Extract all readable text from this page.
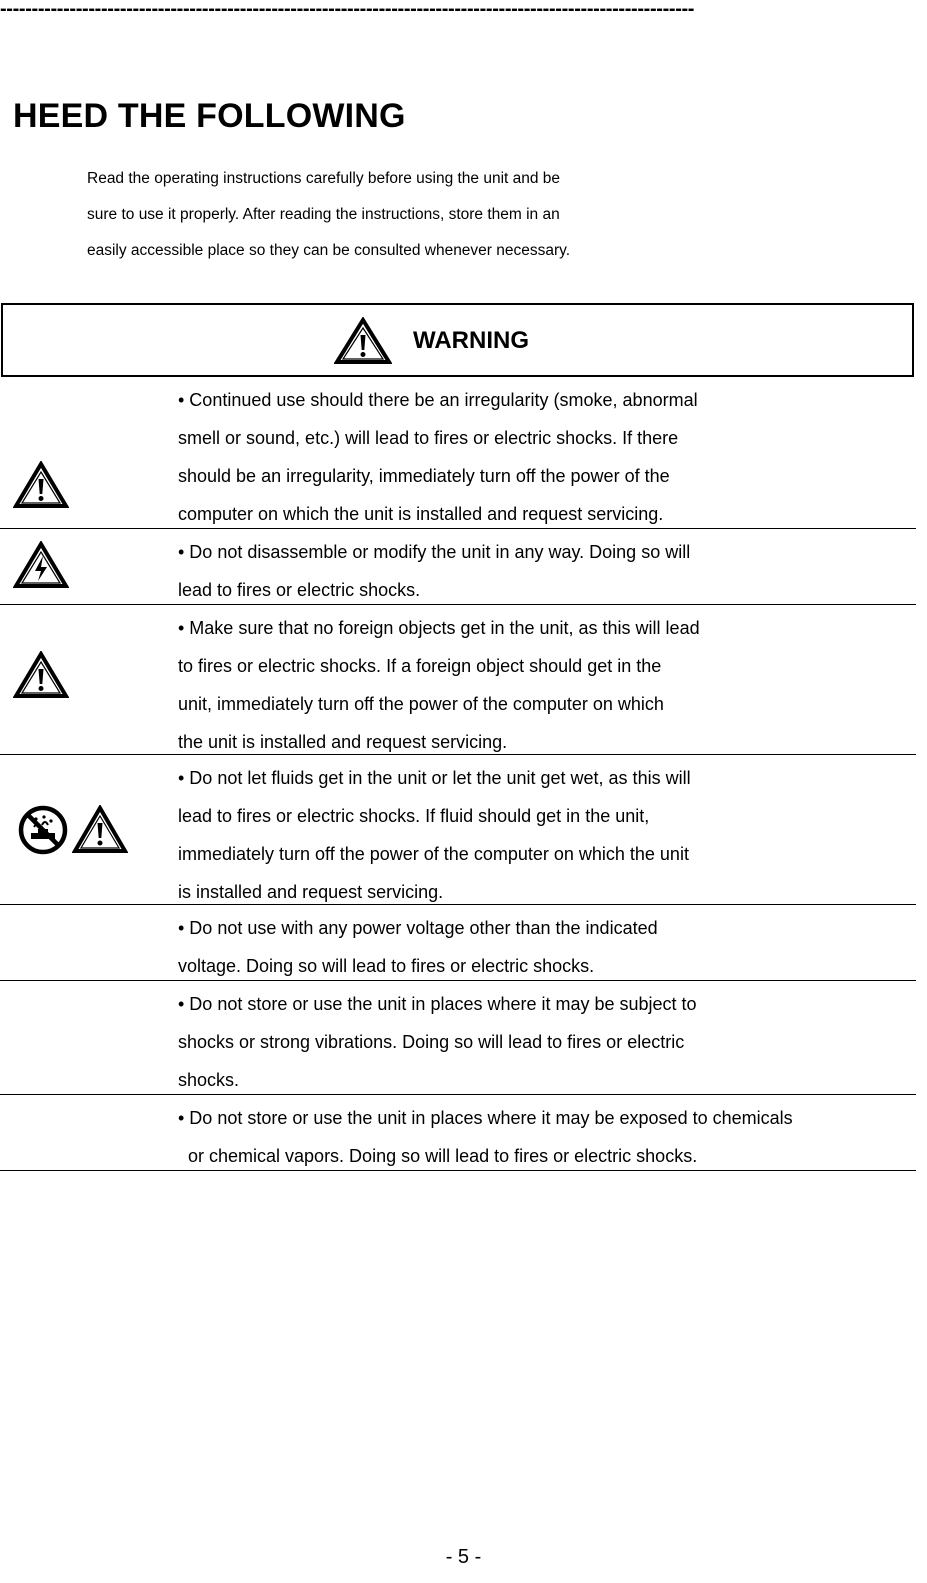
--------------------------------------------------------------------------------------------------------------
HEED THE FOLLOWING
Read the operating instructions carefully before using the unit and be
sure to use it properly. After reading the instructions, store them in an
easily accessible place so they can be consulted whenever necessary.
WARNING
• Continued use should there be an irregularity (smoke, abnormal
smell or sound, etc.) will lead to fires or electric shocks. If there
should be an irregularity, immediately turn off the power of the
computer on which the unit is installed and request servicing.
• Do not disassemble or modify the unit in any way. Doing so will
lead to fires or electric shocks.
• Make sure that no foreign objects get in the unit, as this will lead
to fires or electric shocks. If a foreign object should get in the
unit, immediately turn off the power of the computer on which
the unit is installed and request servicing.
• Do not let fluids get in the unit or let the unit get wet, as this will
lead to fires or electric shocks. If fluid should get in the unit,
immediately turn off the power of the computer on which the unit
is installed and request servicing.
• Do not use with any power voltage other than the indicated
voltage. Doing so will lead to fires or electric shocks.
• Do not store or use the unit in places where it may be subject to
shocks or strong vibrations. Doing so will lead to fires or electric
shocks.
• Do not store or use the unit in places where it may be exposed to chemicals
or chemical vapors. Doing so will lead to fires or electric shocks.
- 5 -
